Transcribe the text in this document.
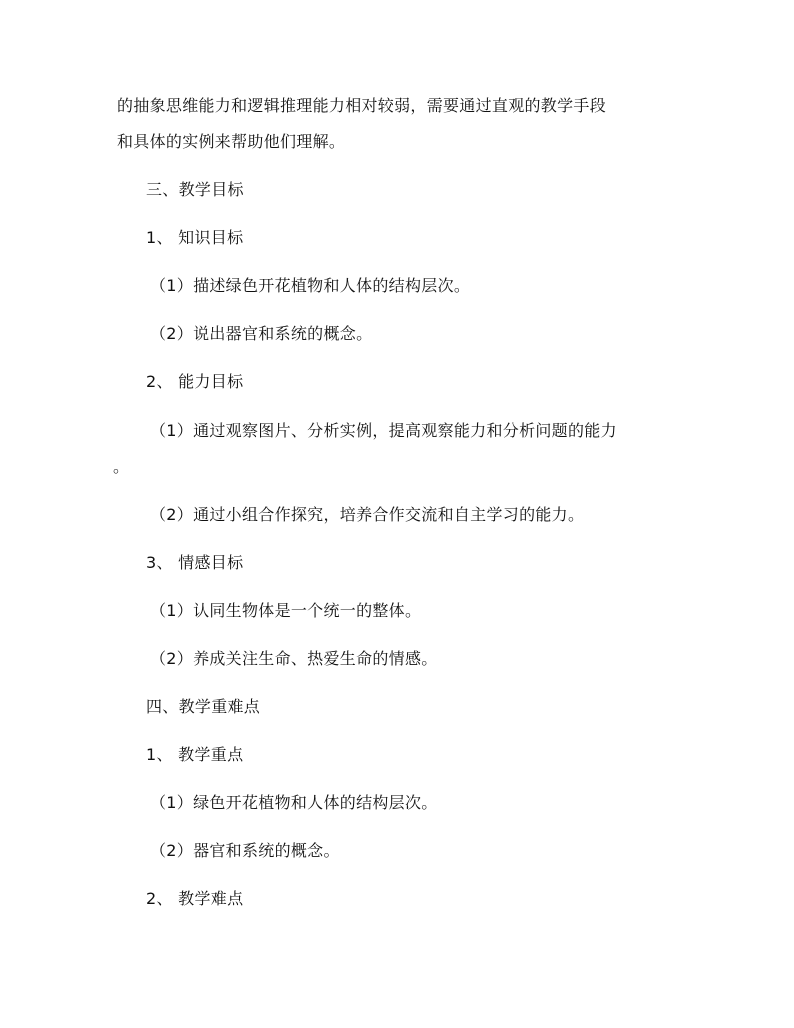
的抽象思维能力和逻辑推理能力相对较弱，需要通过直观的教学手段
和具体的实例来帮助他们理解。
三、教学目标
1、 知识目标
（1）描述绿色开花植物和人体的结构层次。
（2）说出器官和系统的概念。
2、 能力目标
（1）通过观察图片、分析实例，提高观察能力和分析问题的能力
。
（2）通过小组合作探究，培养合作交流和自主学习的能力。
3、 情感目标
（1）认同生物体是一个统一的整体。
（2）养成关注生命、热爱生命的情感。
四、教学重难点
1、 教学重点
（1）绿色开花植物和人体的结构层次。
（2）器官和系统的概念。
2、 教学难点
